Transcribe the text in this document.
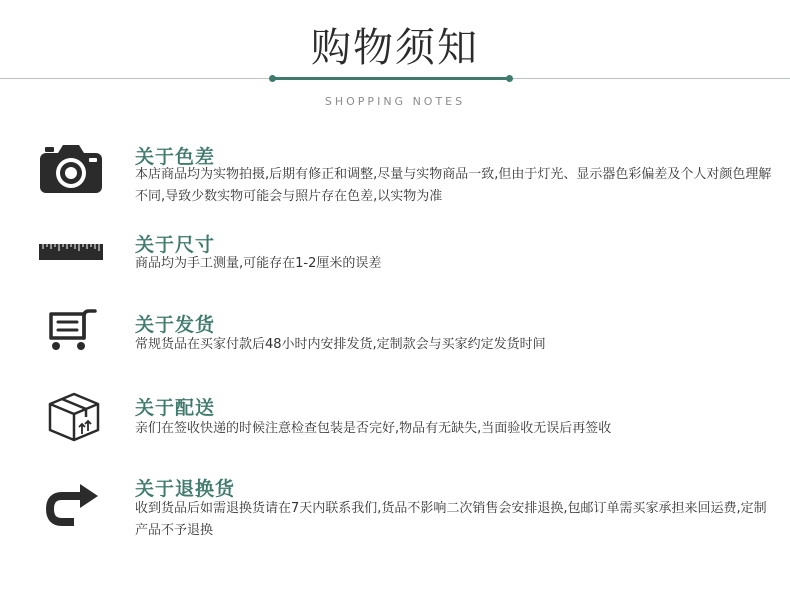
购物须知
SHOPPING NOTES
关于色差
本店商品均为实物拍摄,后期有修正和调整,尽量与实物商品一致,但由于灯光、显示器色彩偏差及个人对颜色理解不同,导致少数实物可能会与照片存在色差,以实物为准
关于尺寸
商品均为手工测量,可能存在1-2厘米的误差
关于发货
常规货品在买家付款后48小时内安排发货,定制款会与买家约定发货时间
关于配送
亲们在签收快递的时候注意检查包装是否完好,物品有无缺失,当面验收无误后再签收
关于退换货
收到货品后如需退换货请在7天内联系我们,货品不影响二次销售会安排退换,包邮订单需买家承担来回运费,定制产品不予退换
